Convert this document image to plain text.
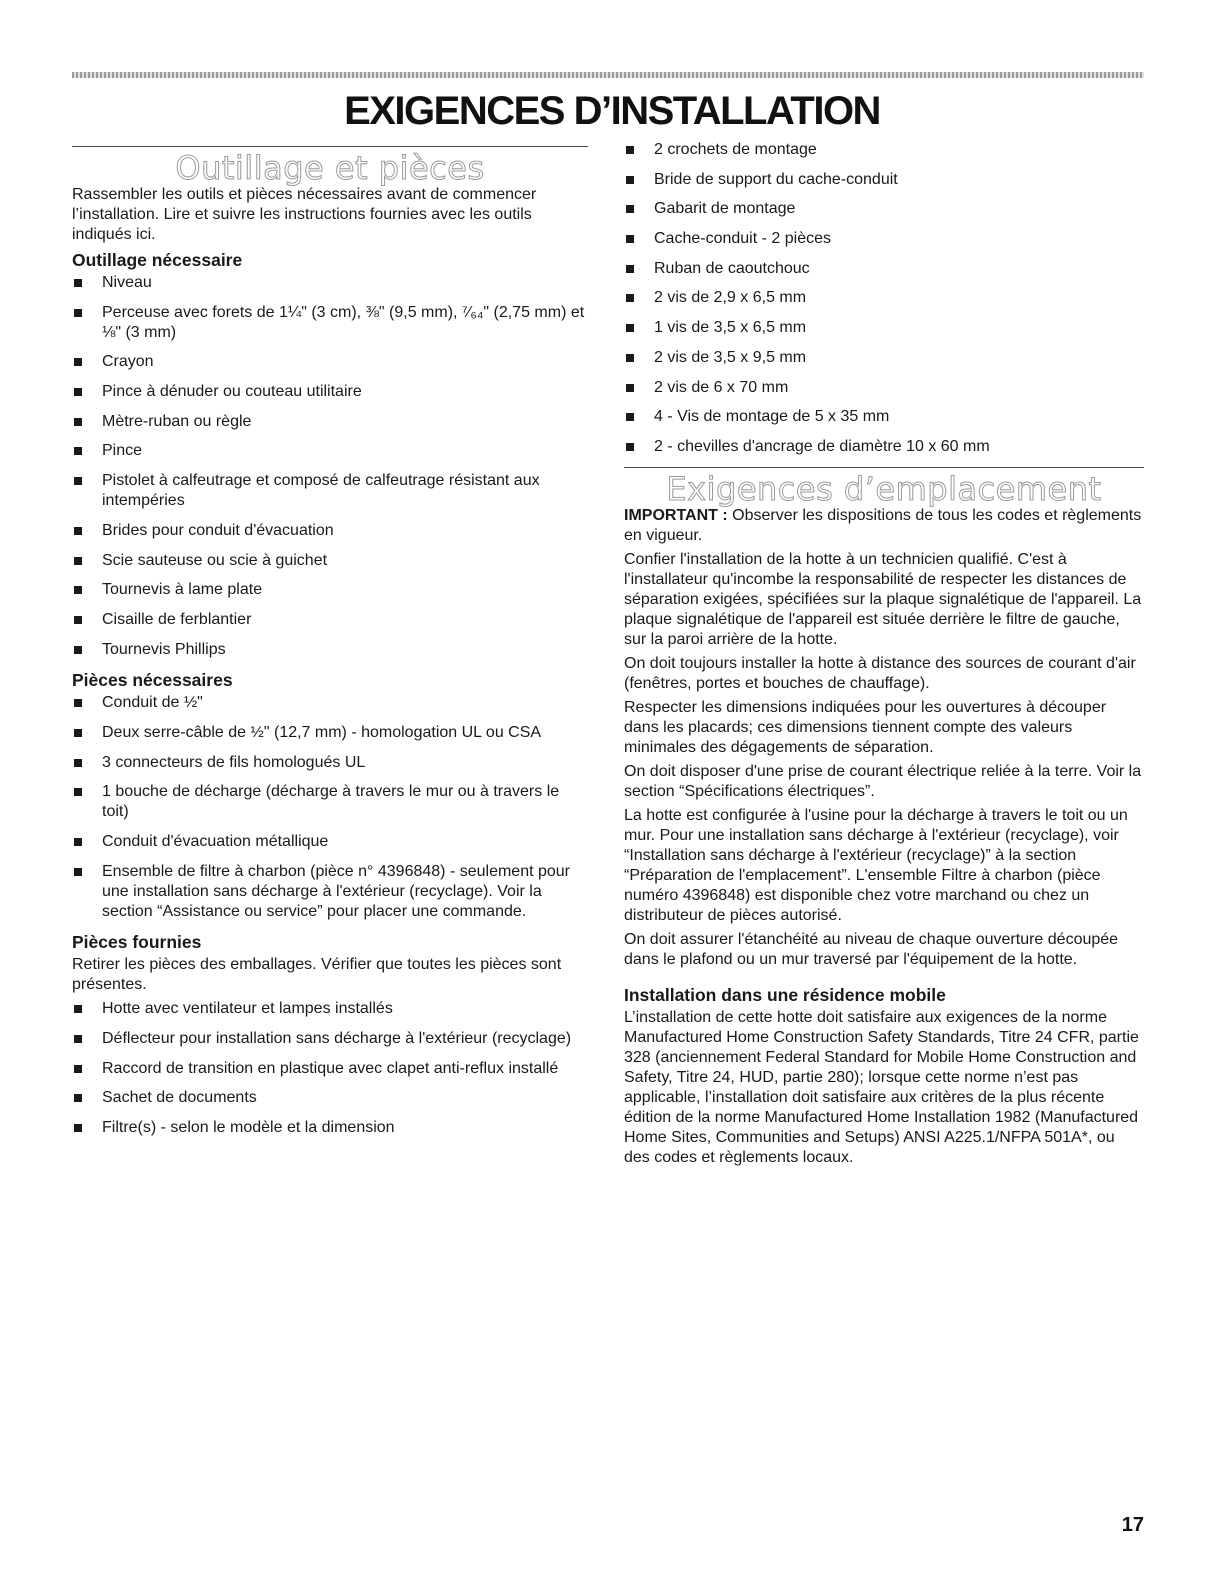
EXIGENCES D’INSTALLATION
Outillage et pièces

Rassembler les outils et pièces nécessaires avant de commencer l’installation. Lire et suivre les instructions fournies avec les outils indiqués ici.

Outillage nécessaire
Niveau
Perceuse avec forets de 1¼" (3 cm), ⅜" (9,5 mm), ⁷⁄₆₄" (2,75 mm) et ⅛" (3 mm)
Crayon
Pince à dénuder ou couteau utilitaire
Mètre-ruban ou règle
Pince
Pistolet à calfeutrage et composé de calfeutrage résistant aux intempéries
Brides pour conduit d'évacuation
Scie sauteuse ou scie à guichet
Tournevis à lame plate
Cisaille de ferblantier
Tournevis Phillips
Pièces nécessaires
Conduit de ½"
Deux serre-câble de ½" (12,7 mm) - homologation UL ou CSA
3 connecteurs de fils homologués UL
1 bouche de décharge (décharge à travers le mur ou à travers le toit)
Conduit d'évacuation métallique
Ensemble de filtre à charbon (pièce n° 4396848) - seulement pour une installation sans décharge à l'extérieur (recyclage). Voir la section “Assistance ou service” pour placer une commande.
Pièces fournies

Retirer les pièces des emballages. Vérifier que toutes les pièces sont présentes.

Hotte avec ventilateur et lampes installés
Déflecteur pour installation sans décharge à l'extérieur (recyclage)
Raccord de transition en plastique avec clapet anti-reflux installé
Sachet de documents
Filtre(s) - selon le modèle et la dimension
2 crochets de montage
Bride de support du cache-conduit
Gabarit de montage
Cache-conduit - 2 pièces
Ruban de caoutchouc
2 vis de 2,9 x 6,5 mm
1 vis de 3,5 x 6,5 mm
2 vis de 3,5 x 9,5 mm
2 vis de 6 x 70 mm
4 - Vis de montage de 5 x 35 mm
2 - chevilles d'ancrage de diamètre 10 x 60 mm
Exigences d’emplacement

IMPORTANT : Observer les dispositions de tous les codes et règlements en vigueur.

Confier l'installation de la hotte à un technicien qualifié. C'est à l'installateur qu'incombe la responsabilité de respecter les distances de séparation exigées, spécifiées sur la plaque signalétique de l'appareil. La plaque signalétique de l'appareil est située derrière le filtre de gauche, sur la paroi arrière de la hotte.

On doit toujours installer la hotte à distance des sources de courant d'air (fenêtres, portes et bouches de chauffage).

Respecter les dimensions indiquées pour les ouvertures à découper dans les placards; ces dimensions tiennent compte des valeurs minimales des dégagements de séparation.

On doit disposer d'une prise de courant électrique reliée à la terre. Voir la section “Spécifications électriques”.

La hotte est configurée à l'usine pour la décharge à travers le toit ou un mur. Pour une installation sans décharge à l'extérieur (recyclage), voir “Installation sans décharge à l'extérieur (recyclage)” à la section “Préparation de l'emplacement”. L'ensemble Filtre à charbon (pièce numéro 4396848) est disponible chez votre marchand ou chez un distributeur de pièces autorisé.

On doit assurer l'étanchéité au niveau de chaque ouverture découpée dans le plafond ou un mur traversé par l'équipement de la hotte.

Installation dans une résidence mobile

L’installation de cette hotte doit satisfaire aux exigences de la norme Manufactured Home Construction Safety Standards, Titre 24 CFR, partie 328 (anciennement Federal Standard for Mobile Home Construction and Safety, Titre 24, HUD, partie 280); lorsque cette norme n’est pas applicable, l’installation doit satisfaire aux critères de la plus récente édition de la norme Manufactured Home Installation 1982 (Manufactured Home Sites, Communities and Setups) ANSI A225.1/NFPA 501A*, ou des codes et règlements locaux.

17
